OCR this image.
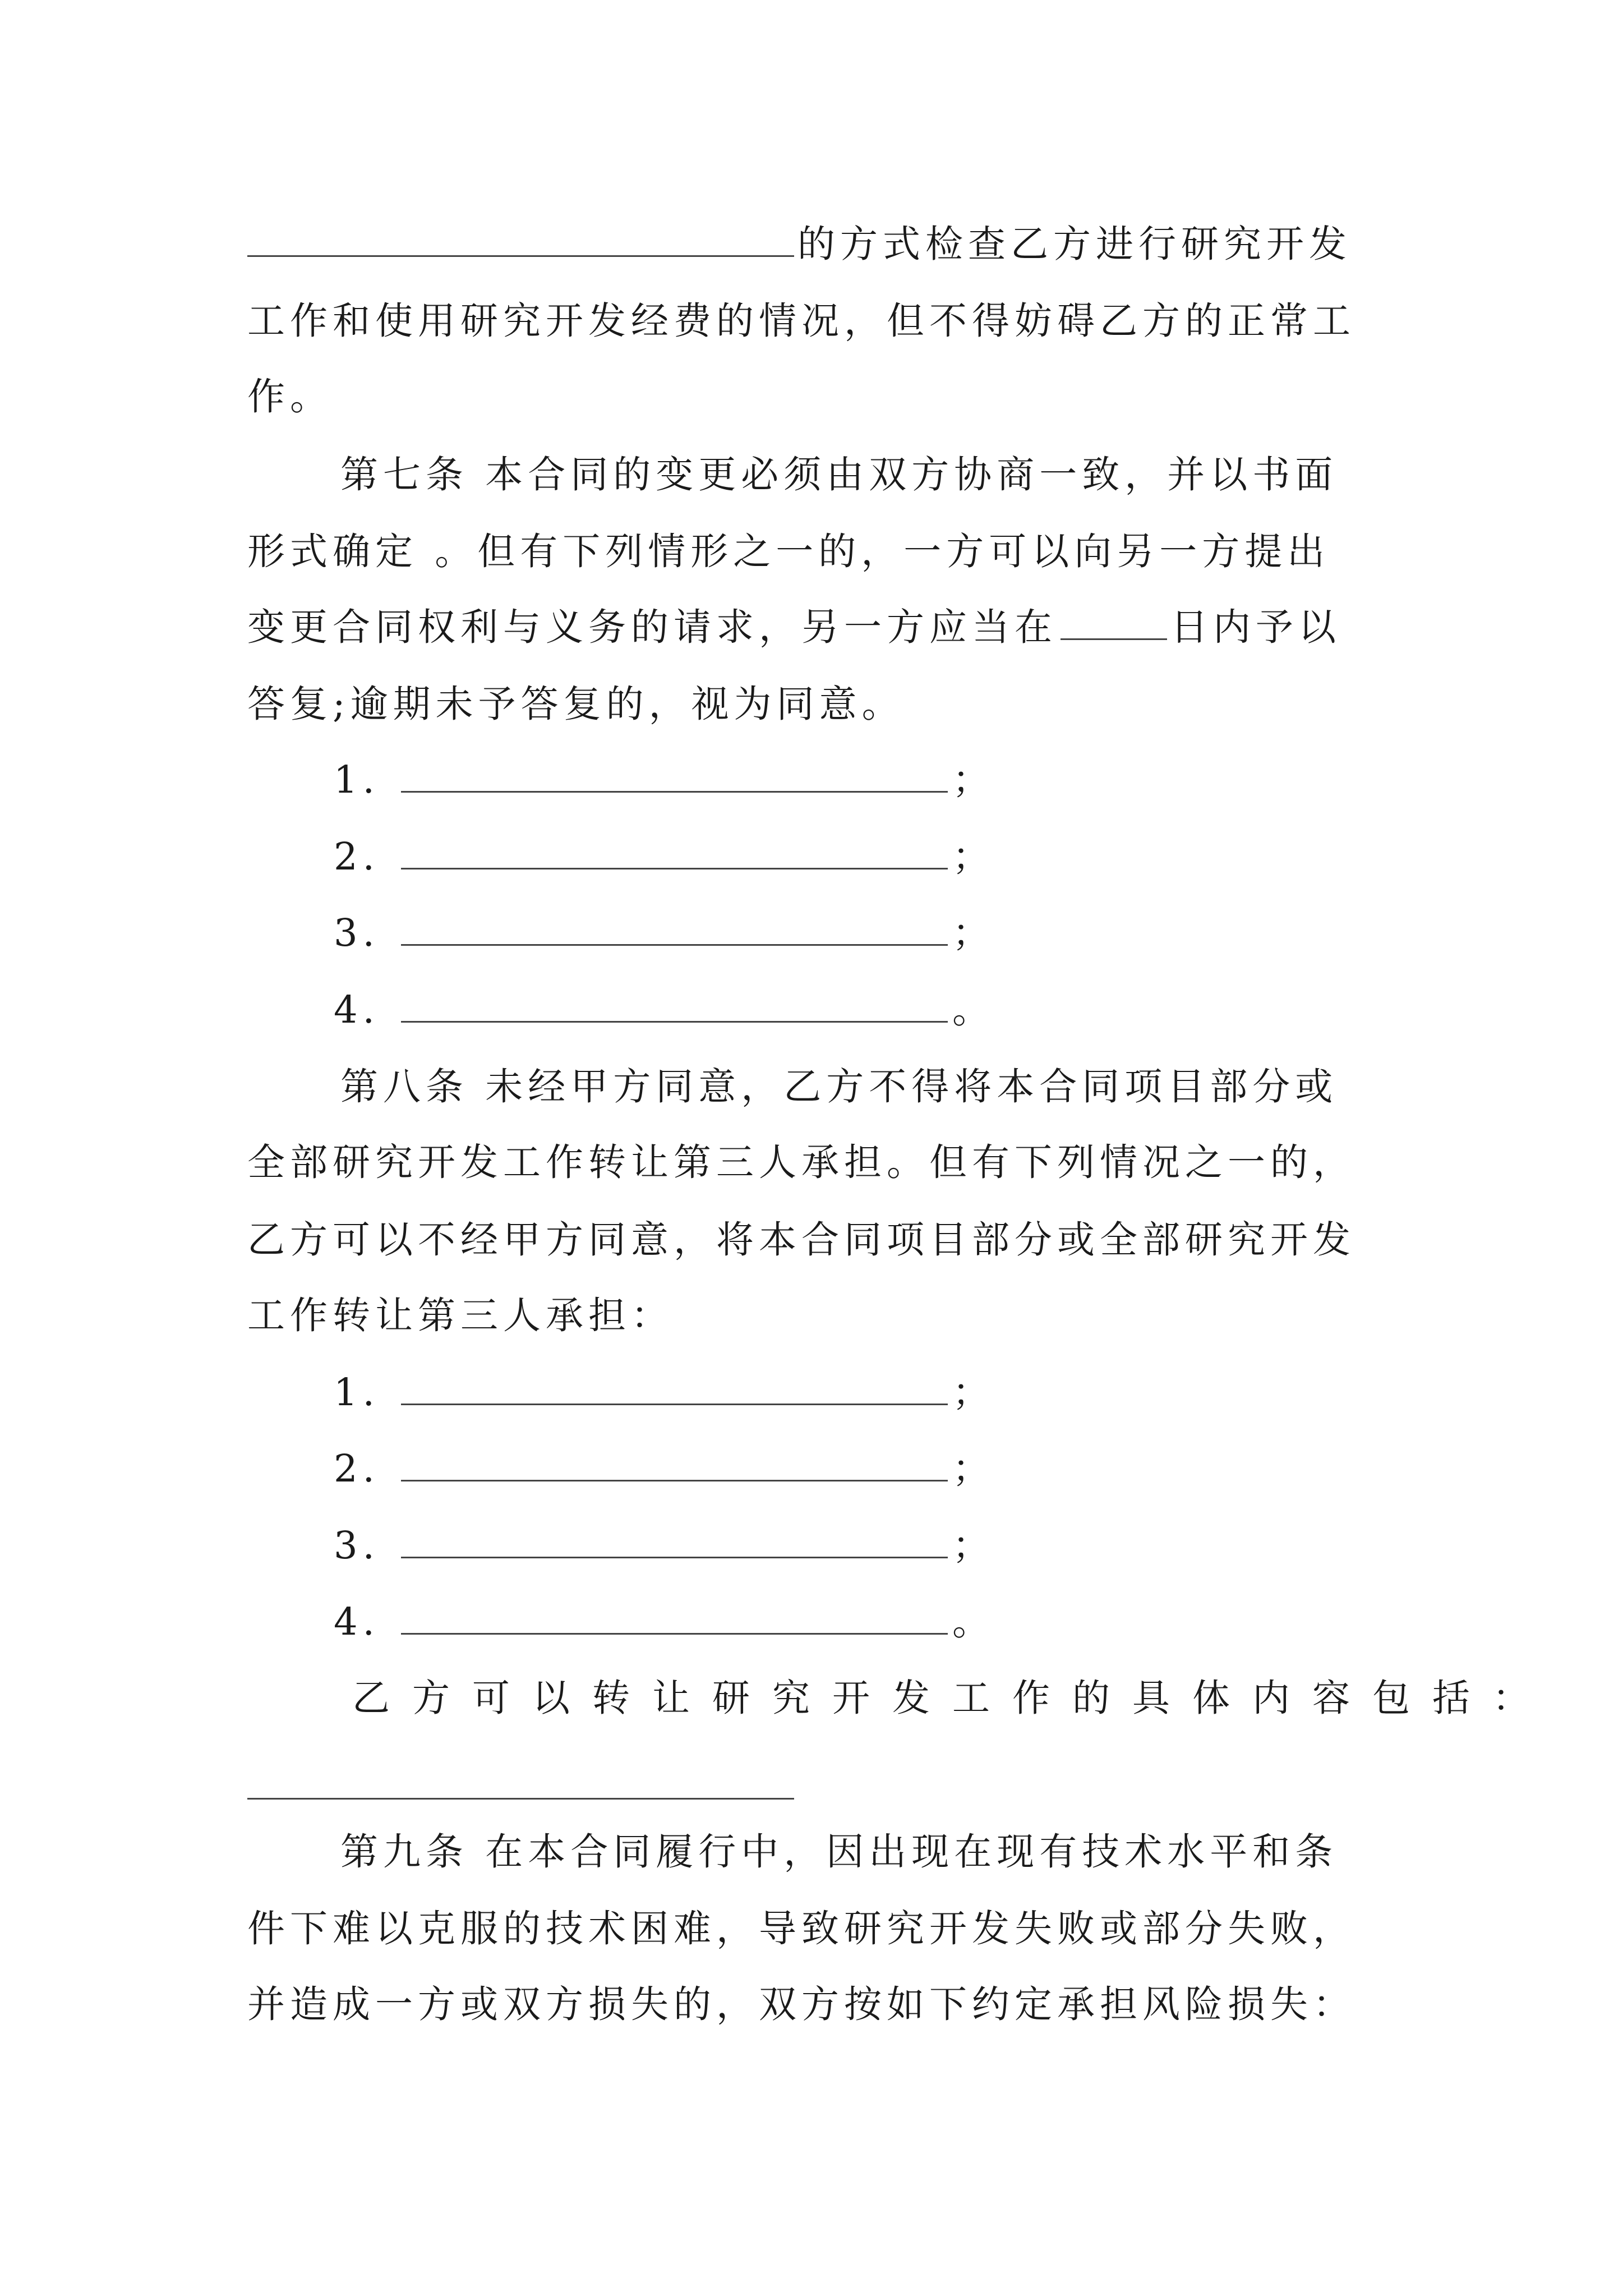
的方式检查乙方进行研究开发
工作和使用研究开发经费的情况，但不得妨碍乙方的正常工
作。
第七条 本合同的变更必须由双方协商一致，并以书面
形式确定 。但有下列情形之一的，一方可以向另一方提出
变更合同权利与义务的请求，另一方应当在	日内予以
答复;逾期未予答复的，视为同意。
1.	；
2.	；
3.	；
4.	。
第八条 未经甲方同意，乙方不得将本合同项目部分或
全部研究开发工作转让第三人承担。但有下列情况之一的，
乙方可以不经甲方同意，将本合同项目部分或全部研究开发
工作转让第三人承担：
1.	；
2.	；
3.	；
4.	。
乙方可以转让研究开发工作的具体内容包括：
第九条 在本合同履行中，因出现在现有技术水平和条
件下难以克服的技术困难，导致研究开发失败或部分失败，
并造成一方或双方损失的，双方按如下约定承担风险损失：
